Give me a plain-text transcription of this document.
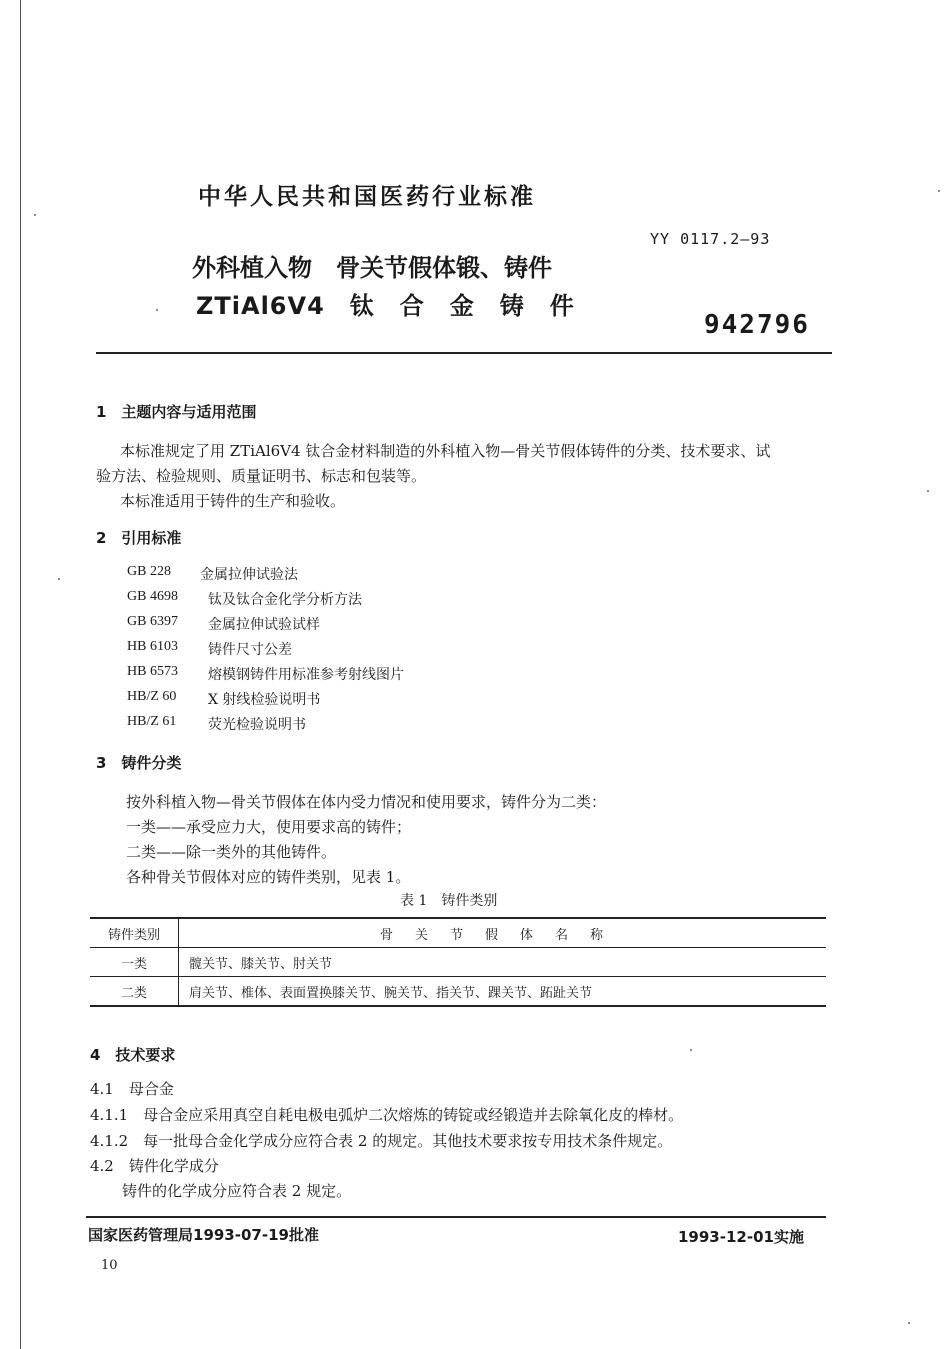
中华人民共和国医药行业标准
YY 0117.2—93
外科植入物　骨关节假体锻、铸件
ZTiAl6V4　钛　合　金　铸　件
942796
1　主题内容与适用范围
本标准规定了用 ZTiAl6V4 钛合金材料制造的外科植入物—骨关节假体铸件的分类、技术要求、试
验方法、检验规则、质量证明书、标志和包装等。
本标准适用于铸件的生产和验收。
2　引用标准
GB 228 金属拉伸试验法
GB 4698 钛及钛合金化学分析方法
GB 6397 金属拉伸试验试样
HB 6103 铸件尺寸公差
HB 6573 熔模钢铸件用标准参考射线图片
HB/Z 60 X 射线检验说明书
HB/Z 61 荧光检验说明书
3　铸件分类
按外科植入物—骨关节假体在体内受力情况和使用要求，铸件分为二类：
一类——承受应力大，使用要求高的铸件；
二类——除一类外的其他铸件。
各种骨关节假体对应的铸件类别，见表 1。
表 1　铸件类别
铸件类别	骨关节假体名称
一类	髋关节、膝关节、肘关节
二类	肩关节、椎体、表面置换膝关节、腕关节、指关节、踝关节、跖趾关节
4　技术要求
4.1　母合金
4.1.1　母合金应采用真空自耗电极电弧炉二次熔炼的铸锭或经锻造并去除氧化皮的棒材。
4.1.2　每一批母合金化学成分应符合表 2 的规定。其他技术要求按专用技术条件规定。
4.2　铸件化学成分
铸件的化学成分应符合表 2 规定。
国家医药管理局1993-07-19批准	1993-12-01实施
10
